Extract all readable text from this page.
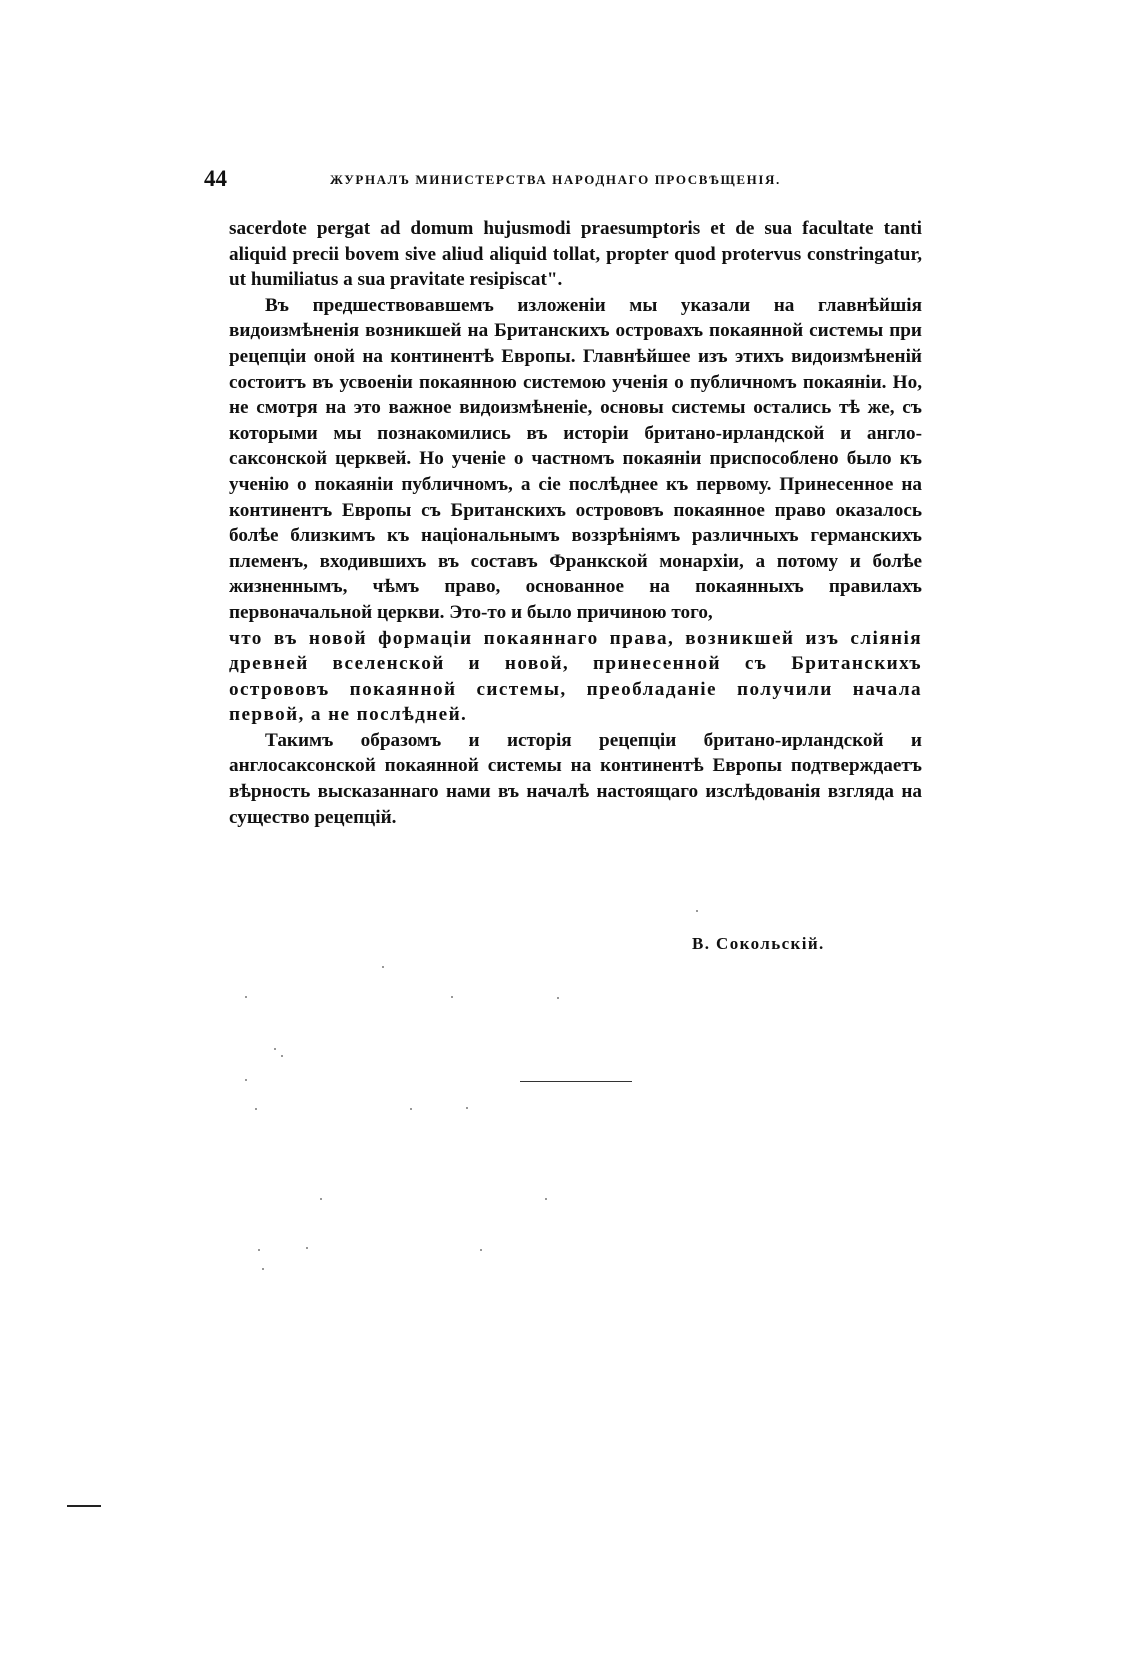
44	ЖУРНАЛЪ МИНИСТЕРСТВА НАРОДНАГО ПРОСВѢЩЕНІЯ.

sacerdote pergat ad domum hujusmodi praesumptoris et de sua facultate tanti aliquid precii bovem sive aliud aliquid tollat, propter quod protervus constringatur, ut humiliatus a sua pravitate resipiscat".

Въ предшествовавшемъ изложеніи мы указали на главнѣйшія видоизмѣненія возникшей на Британскихъ островахъ покаянной системы при рецепціи оной на континентѣ Европы. Главнѣйшее изъ этихъ видоизмѣненій состоитъ въ усвоеніи покаянною системою ученія о публичномъ покаяніи. Но, не смотря на это важное видоизмѣненіе, основы системы остались тѣ же, съ которыми мы познакомились въ исторіи британо-ирландской и англо-саксонской церквей. Но ученіе о частномъ покаяніи приспособлено было къ ученію о покаяніи публичномъ, а сіе послѣднее къ первому. Принесенное на континентъ Европы съ Британскихъ острововъ покаянное право оказалось болѣе близкимъ къ національнымъ воззрѣніямъ различныхъ германскихъ племенъ, входившихъ въ составъ Франкской монархіи, а потому и болѣе жизненнымъ, чѣмъ право, основанное на покаянныхъ правилахъ первоначальной церкви. Это-то и было причиною того,

что въ новой формаціи покаяннаго права, возникшей изъ сліянія древней вселенской и новой, принесенной съ Британскихъ острововъ покаянной системы, преобладаніе получили начала первой, а не послѣдней.

Такимъ образомъ и исторія рецепціи британо-ирландской и англосаксонской покаянной системы на континентѣ Европы подтверждаетъ вѣрность высказаннаго нами въ началѣ настоящаго изслѣдованія взгляда на существо рецепцій.

В. Сокольскій.
